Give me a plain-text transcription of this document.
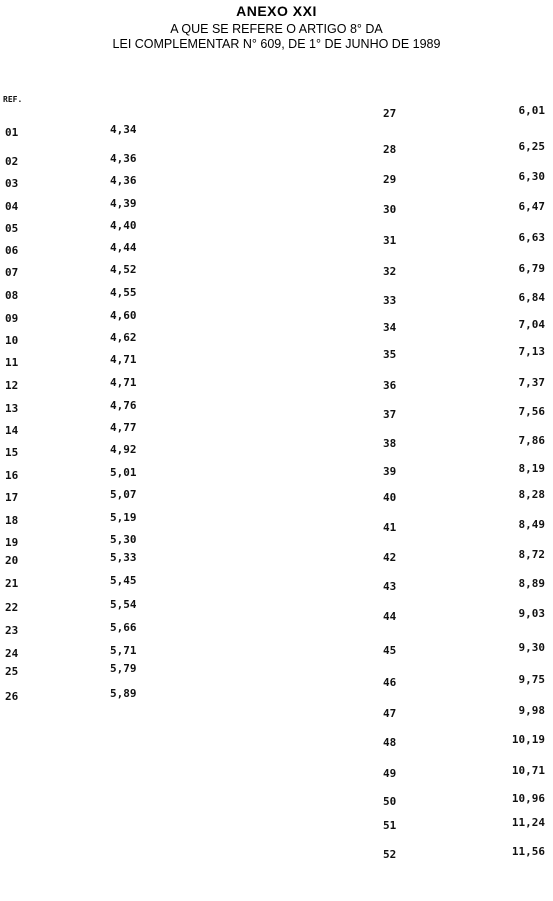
ANEXO XXI
A QUE SE REFERE O ARTIGO 8° DA
LEI COMPLEMENTAR N° 609, DE 1° DE JUNHO DE 1989
REF.
01	4,34
02	4,36
03	4,36
04	4,39
05	4,40
06	4,44
07	4,52
08	4,55
09	4,60
10	4,62
11	4,71
12	4,71
13	4,76
14	4,77
15	4,92
16	5,01
17	5,07
18	5,19
19	5,30
20	5,33
21	5,45
22	5,54
23	5,66
24	5,71
25	5,79
26	5,89
27	6,01
28	6,25
29	6,30
30	6,47
31	6,63
32	6,79
33	6,84
34	7,04
35	7,13
36	7,37
37	7,56
38	7,86
39	8,19
40	8,28
41	8,49
42	8,72
43	8,89
44	9,03
45	9,30
46	9,75
47	9,98
48	10,19
49	10,71
50	10,96
51	11,24
52	11,56
